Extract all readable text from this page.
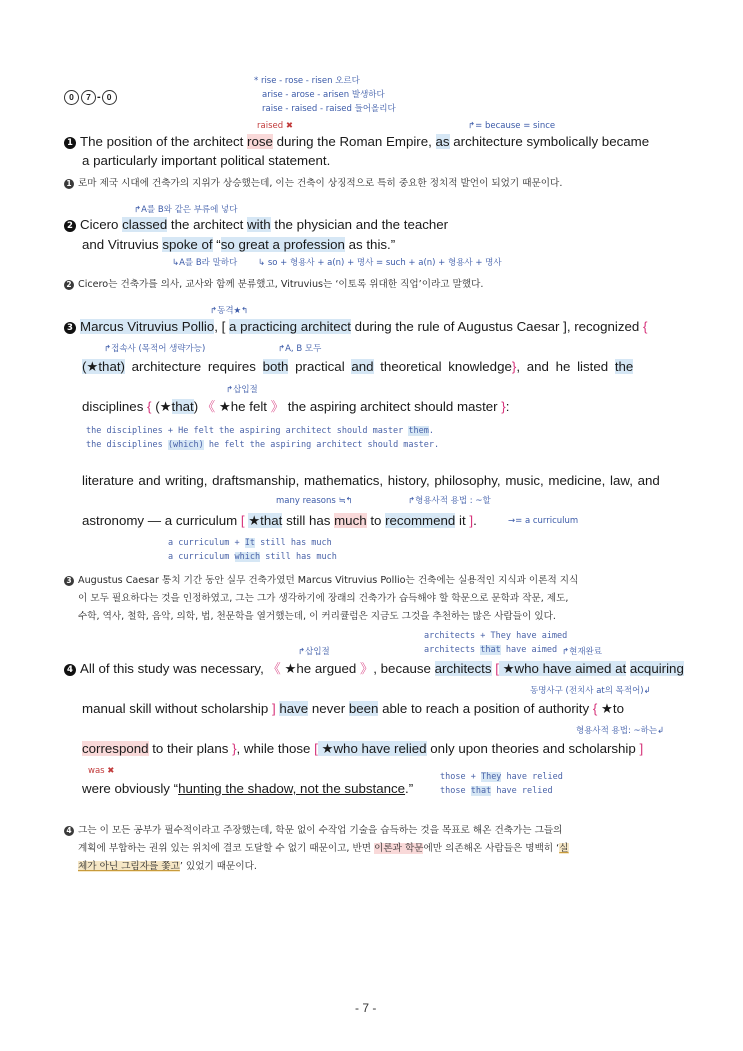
0 7 - 0
* rise - rose - risen 오르다
arise - arose - arisen 발생하다
raise - raised - raised 들어올리다
raised ✖	↱= because = since
1 The position of the architect rose during the Roman Empire, as architecture symbolically became
a particularly important political statement.
1 로마 제국 시대에 건축가의 지위가 상승했는데, 이는 건축이 상징적으로 특히 중요한 정치적 발언이 되었기 때문이다.
↱A를 B와 같은 부류에 넣다
2 Cicero classed the architect with the physician and the teacher
and Vitruvius spoke of “so great a profession as this.”
↳A를 B라 말하다 ↳ so + 형용사 + a(n) + 명사 = such + a(n) + 형용사 + 명사
2 Cicero는 건축가를 의사, 교사와 함께 분류했고, Vitruvius는 ‘이토록 위대한 직업’이라고 말했다.
↱동격★↰
3 Marcus Vitruvius Pollio, [ a practicing architect during the rule of Augustus Caesar ], recognized {
↱접속사 (목적어 생략가능)	↱A, B 모두
(★that) architecture requires both practical and theoretical knowledge}, and he listed the
↱삽입절
disciplines { (★that) 《 ★he felt 》 the aspiring architect should master }:
the disciplines + He felt the aspiring architect should master them.
the disciplines (which) he felt the aspiring architect should master.
literature and writing, draftsmanship, mathematics, history, philosophy, music, medicine, law, and
many reasons ≒↰	↱형용사적 용법 : ~할
astronomy — a curriculum [ ★that still has much to recommend it ].	→= a curriculum
a curriculum + It still has much
a curriculum which still has much
3 Augustus Caesar 통치 기간 동안 실무 건축가였던 Marcus Vitruvius Pollio는 건축에는 실용적인 지식과 이론적 지식
이 모두 필요하다는 것을 인정하였고, 그는 그가 생각하기에 장래의 건축가가 습득해야 할 학문으로 문학과 작문, 제도,
수학, 역사, 철학, 음악, 의학, 법, 천문학을 열거했는데, 이 커리큘럼은 지금도 그것을 추천하는 많은 사람들이 있다.
architects + They have aimed
architects that have aimed
↱삽입절	↱현재완료
4 All of this study was necessary, 《 ★he argued 》, because architects [ ★who have aimed at acquiring
동명사구 (전치사 at의 목적어)↲
manual skill without scholarship ] have never been able to reach a position of authority { ★to
형용사적 용법: ~하는↲
correspond to their plans }, while those [ ★who have relied only upon theories and scholarship ]
was ✖
those + They have relied
those that have relied
were obviously “hunting the shadow, not the substance.”
4 그는 이 모든 공부가 필수적이라고 주장했는데, 학문 없이 수작업 기술을 습득하는 것을 목표로 해온 건축가는 그들의
계획에 부합하는 권위 있는 위치에 결코 도달할 수 없기 때문이고, 반면 이론과 학문에만 의존해온 사람들은 명백히 ‘실
체가 아닌 그림자를 쫓고’ 있었기 때문이다.
- 7 -
